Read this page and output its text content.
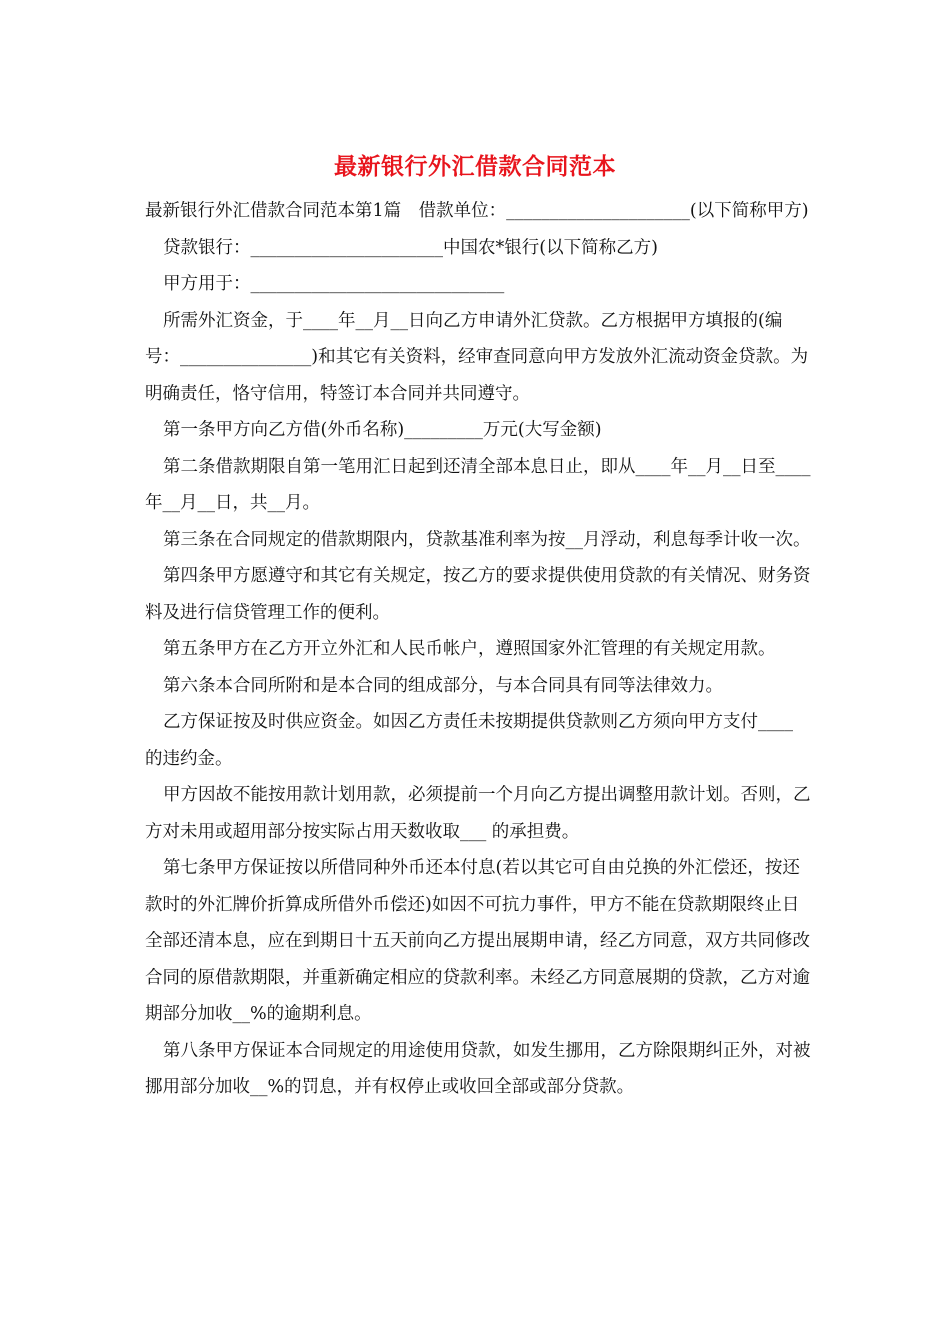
最新银行外汇借款合同范本

最新银行外汇借款合同范本第1篇　借款单位：_____________________(以下简称甲方)

贷款银行：______________________中国农*银行(以下简称乙方)

甲方用于：_____________________________

所需外汇资金，于____年__月__日向乙方申请外汇贷款。乙方根据甲方填报的(编号：_______________)和其它有关资料，经审查同意向甲方发放外汇流动资金贷款。为明确责任，恪守信用，特签订本合同并共同遵守。

第一条甲方向乙方借(外币名称)_________万元(大写金额)

第二条借款期限自第一笔用汇日起到还清全部本息日止，即从____年__月__日至____年__月__日，共__月。

第三条在合同规定的借款期限内，贷款基准利率为按__月浮动，利息每季计收一次。

第四条甲方愿遵守和其它有关规定，按乙方的要求提供使用贷款的有关情况、财务资料及进行信贷管理工作的便利。

第五条甲方在乙方开立外汇和人民币帐户，遵照国家外汇管理的有关规定用款。

第六条本合同所附和是本合同的组成部分，与本合同具有同等法律效力。

乙方保证按及时供应资金。如因乙方责任未按期提供贷款则乙方须向甲方支付____ 的违约金。

甲方因故不能按用款计划用款，必须提前一个月向乙方提出调整用款计划。否则，乙方对未用或超用部分按实际占用天数收取___ 的承担费。

第七条甲方保证按以所借同种外币还本付息(若以其它可自由兑换的外汇偿还，按还款时的外汇牌价折算成所借外币偿还)如因不可抗力事件，甲方不能在贷款期限终止日全部还清本息，应在到期日十五天前向乙方提出展期申请，经乙方同意，双方共同修改合同的原借款期限，并重新确定相应的贷款利率。未经乙方同意展期的贷款，乙方对逾期部分加收__%的逾期利息。

第八条甲方保证本合同规定的用途使用贷款，如发生挪用，乙方除限期纠正外，对被挪用部分加收__%的罚息，并有权停止或收回全部或部分贷款。
